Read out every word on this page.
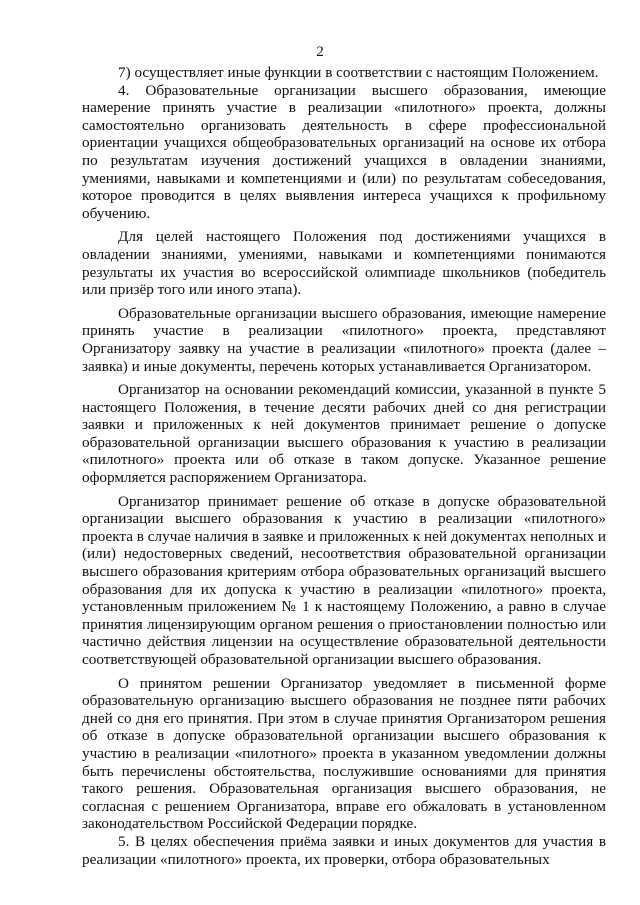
2

7) осуществляет иные функции в соответствии с настоящим Положением.

4. Образовательные организации высшего образования, имеющие намерение принять участие в реализации «пилотного» проекта, должны самостоятельно организовать деятельность в сфере профессиональной ориентации учащихся общеобразовательных организаций на основе их отбора по результатам изучения достижений учащихся в овладении знаниями, умениями, навыками и компетенциями и (или) по результатам собеседования, которое проводится в целях выявления интереса учащихся к профильному обучению.

Для целей настоящего Положения под достижениями учащихся в овладении знаниями, умениями, навыками и компетенциями понимаются результаты их участия во всероссийской олимпиаде школьников (победитель или призёр того или иного этапа).

Образовательные организации высшего образования, имеющие намерение принять участие в реализации «пилотного» проекта, представляют Организатору заявку на участие в реализации «пилотного» проекта (далее – заявка) и иные документы, перечень которых устанавливается Организатором.

Организатор на основании рекомендаций комиссии, указанной в пункте 5 настоящего Положения, в течение десяти рабочих дней со дня регистрации заявки и приложенных к ней документов принимает решение о допуске образовательной организации высшего образования к участию в реализации «пилотного» проекта или об отказе в таком допуске. Указанное решение оформляется распоряжением Организатора.

Организатор принимает решение об отказе в допуске образовательной организации высшего образования к участию в реализации «пилотного» проекта в случае наличия в заявке и приложенных к ней документах неполных и (или) недостоверных сведений, несоответствия образовательной организации высшего образования критериям отбора образовательных организаций высшего образования для их допуска к участию в реализации «пилотного» проекта, установленным приложением № 1 к настоящему Положению, а равно в случае принятия лицензирующим органом решения о приостановлении полностью или частично действия лицензии на осуществление образовательной деятельности соответствующей образовательной организации высшего образования.

О принятом решении Организатор уведомляет в письменной форме образовательную организацию высшего образования не позднее пяти рабочих дней со дня его принятия. При этом в случае принятия Организатором решения об отказе в допуске образовательной организации высшего образования к участию в реализации «пилотного» проекта в указанном уведомлении должны быть перечислены обстоятельства, послужившие основаниями для принятия такого решения. Образовательная организация высшего образования, не согласная с решением Организатора, вправе его обжаловать в установленном законодательством Российской Федерации порядке.

5. В целях обеспечения приёма заявки и иных документов для участия в реализации «пилотного» проекта, их проверки, отбора образовательных
